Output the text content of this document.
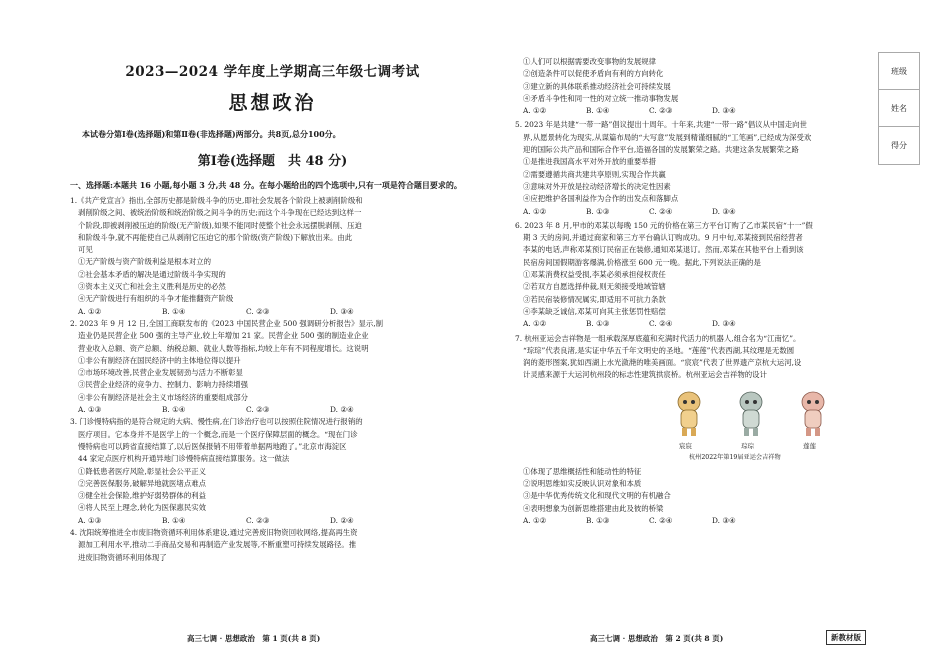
2023—2024 学年度上学期高三年级七调考试
思想政治
本试卷分第Ⅰ卷(选择题)和第Ⅱ卷(非选择题)两部分。共8页,总分100分。
第Ⅰ卷(选择题　共 48 分)
一、选择题:本题共 16 小题,每小题 3 分,共 48 分。在每小题给出的四个选项中,只有一项是符合题目要求的。

1.《共产党宣言》指出,全部历史都是阶级斗争的历史,即社会发展各个阶段上被剥削阶级和

剥削阶级之间、被统治阶级和统治阶级之间斗争的历史;而这个斗争现在已经达到这样一

个阶段,即被剥削被压迫的阶级(无产阶级),如果不能同时使整个社会永远摆脱剥削、压迫

和阶级斗争,就不再能使自己从剥削它压迫它的那个阶级(资产阶级)下解放出来。由此

可见

①无产阶级与资产阶级利益是根本对立的

②社会基本矛盾的解决是通过阶级斗争实现的

③资本主义灭亡和社会主义胜利是历史的必然

④无产阶级进行有组织的斗争才能推翻资产阶级

A. ①②	B. ①④	C. ②③	D. ③④

2. 2023 年 9 月 12 日,全国工商联发布的《2023 中国民营企业 500 强调研分析报告》显示,制

造业仍是民营企业 500 强的主导产业,较上年增加 21 家。民营企业 500 强的制造业企业

营业收入总额、资产总额、纳税总额、就业人数等指标,均较上年有不同程度增长。这说明

①非公有制经济在国民经济中的主体地位得以提升

②市场环境改善,民营企业发展韧劲与活力不断彰显

③民营企业经济的竞争力、控制力、影响力持续增强

④非公有制经济是社会主义市场经济的重要组成部分

A. ①③	B. ①④	C. ②③	D. ②④

3. 门诊慢特病指的是符合规定的大病、慢性病,在门诊治疗也可以按照住院情况进行报销的

医疗项目。它本身并不是医学上的一个概念,而是一个医疗保障层面的概念。“现在门诊

慢特病也可以跨省直接结算了,以后医保报销不用带着单据两地跑了。”北京市海淀区

44 家定点医疗机构开通异地门诊慢特病直接结算服务。这一做法

①降低患者医疗风险,彰显社会公平正义

②完善医保服务,破解异地就医堵点难点

③健全社会保险,维护好弱势群体的利益

④将人民至上理念,转化为医保惠民实效

A. ①③	B. ①④	C. ②③	D. ②④

4. 沈阳统筹推进全市废旧物资循环利用体系建设,通过完善废旧物资回收网络,提高再生资

源加工利用水平,推动二手商品交易和再制造产业发展等,不断重塑可持续发展路径。推

进废旧物资循环利用体现了

高三七调 · 思想政治　第 1 页(共 8 页)

①人们可以根据需要改变事物的发展规律

②创造条件可以促使矛盾向有利的方向转化

③建立新的具体联系推动经济社会可持续发展

④矛盾斗争性和同一性的对立统一推动事物发展

A. ①②	B. ①④	C. ②③	D. ③④

5. 2023 年是共建“一带一路”倡议提出十周年。十年来,共建“一带一路”倡议从中国走向世

界,从愿景转化为现实,从谋篇布局的“大写意”发展到精谨细腻的“工笔画”,已经成为深受欢

迎的国际公共产品和国际合作平台,造福各国的发展繁荣之路。共建这条发展繁荣之路

①是推进我国高水平对外开放的重要举措

②需要遵循共商共建共享原则,实现合作共赢

③意味对外开放是拉动经济增长的决定性因素

④应把维护各国利益作为合作的出发点和落脚点

A. ①②	B. ①③	C. ②④	D. ③④

6. 2023 年 8 月,甲市的邓某以每晚 150 元的价格在第三方平台订购了乙市某民宿“十一”假

期 3 天的房间,并通过商家和第三方平台确认订购成功。9 月中旬,邓某接到民宿经营者

李某的电话,声称邓某预订民宿正在装修,通知邓某退订。然而,邓某在其他平台上看到该

民宿房间国假期游客爆满,价格涨至 600 元一晚。据此,下列说法正确的是

①邓某消费权益受损,李某必须承担侵权责任

②若双方自愿选择仲裁,则无须接受地域管辖

③若民宿装修情况属实,即适用不可抗力条款

④李某缺乏诚信,邓某可向其主张惩罚性赔偿

A. ①②	B. ①③	C. ②④	D. ③④

7. 杭州亚运会吉祥物是一组承载深厚底蕴和充满时代活力的机器人,组合名为“江南忆”。

“琮琮”代表良渚,是实证中华五千年文明史的圣地。“莲莲”代表西湖,其纹理是无数圆

润的菱形图案,犹如西湖上水光潋滟的唯美画面。“宸宸”代表了世界遗产京杭大运河,设

计灵感来源于大运河杭州段的标志性建筑拱宸桥。杭州亚运会吉祥物的设计

宸宸	琮琮	莲莲
杭州2022年第19届亚运会吉祥物

①体现了思维概括性和能动性的特征

②说明思维如实反映认识对象和本质

③是中华优秀传统文化和现代文明的有机融合

④表明想象为创新思维搭建由此及彼的桥梁

A. ①②	B. ①③	C. ②④	D. ③④
高三七调 · 思想政治　第 2 页(共 8 页)	新教材版
班级
姓名
得分
